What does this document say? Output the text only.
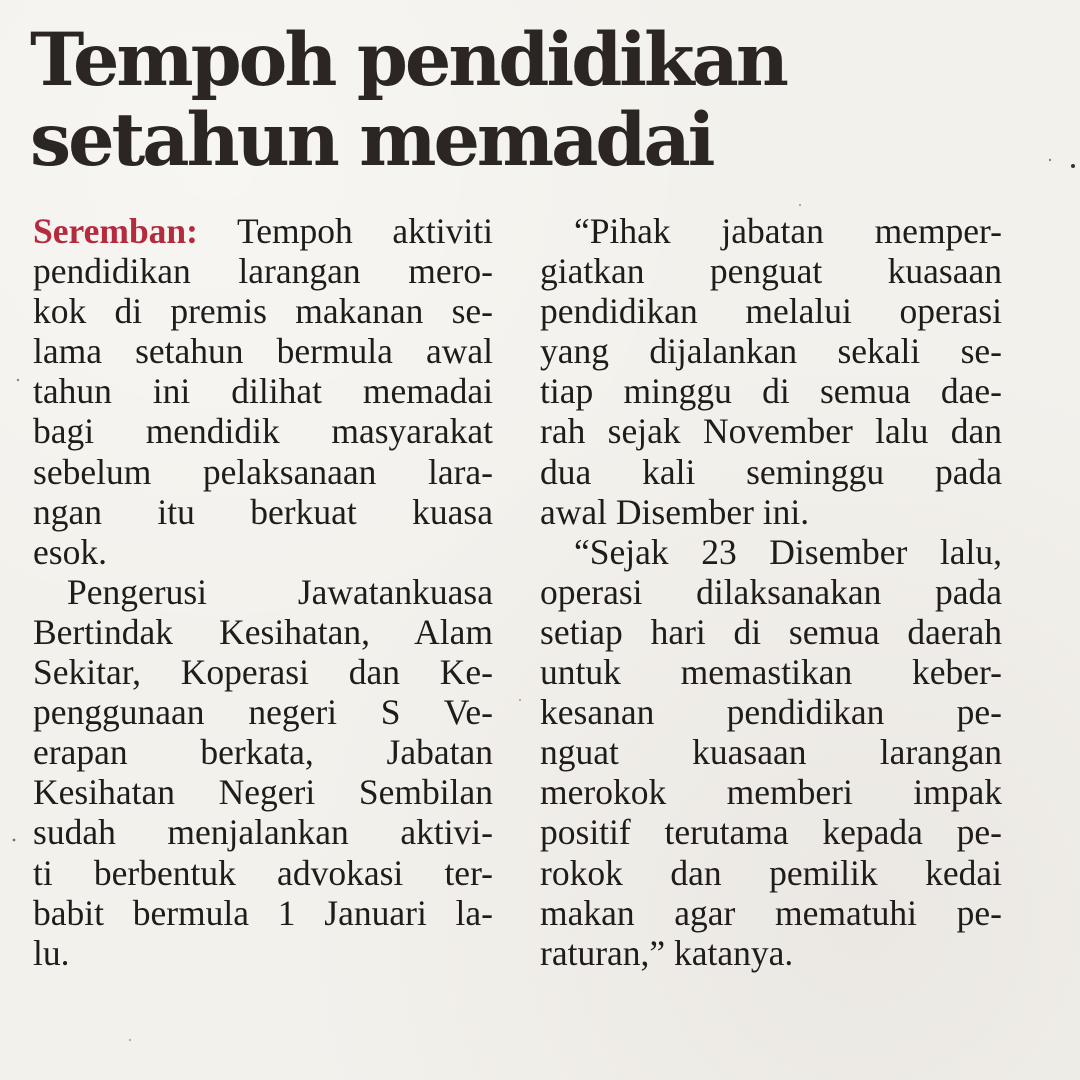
Tempoh pendidikan
setahun memadai

Seremban: Tempoh aktiviti
pendidikan larangan mero-
kok di premis makanan se-
lama setahun bermula awal
tahun ini dilihat memadai
bagi mendidik masyarakat
sebelum pelaksanaan lara-
ngan itu berkuat kuasa
esok.

Pengerusi Jawatankuasa
Bertindak Kesihatan, Alam
Sekitar, Koperasi dan Ke-
penggunaan negeri S Ve-
erapan berkata, Jabatan
Kesihatan Negeri Sembilan
sudah menjalankan aktivi-
ti berbentuk advokasi ter-
babit bermula 1 Januari la-
lu.

“Pihak jabatan memper-
giatkan penguat kuasaan
pendidikan melalui operasi
yang dijalankan sekali se-
tiap minggu di semua dae-
rah sejak November lalu dan
dua kali seminggu pada
awal Disember ini.

“Sejak 23 Disember lalu,
operasi dilaksanakan pada
setiap hari di semua daerah
untuk memastikan keber-
kesanan pendidikan pe-
nguat kuasaan larangan
merokok memberi impak
positif terutama kepada pe-
rokok dan pemilik kedai
makan agar mematuhi pe-
raturan,” katanya.
